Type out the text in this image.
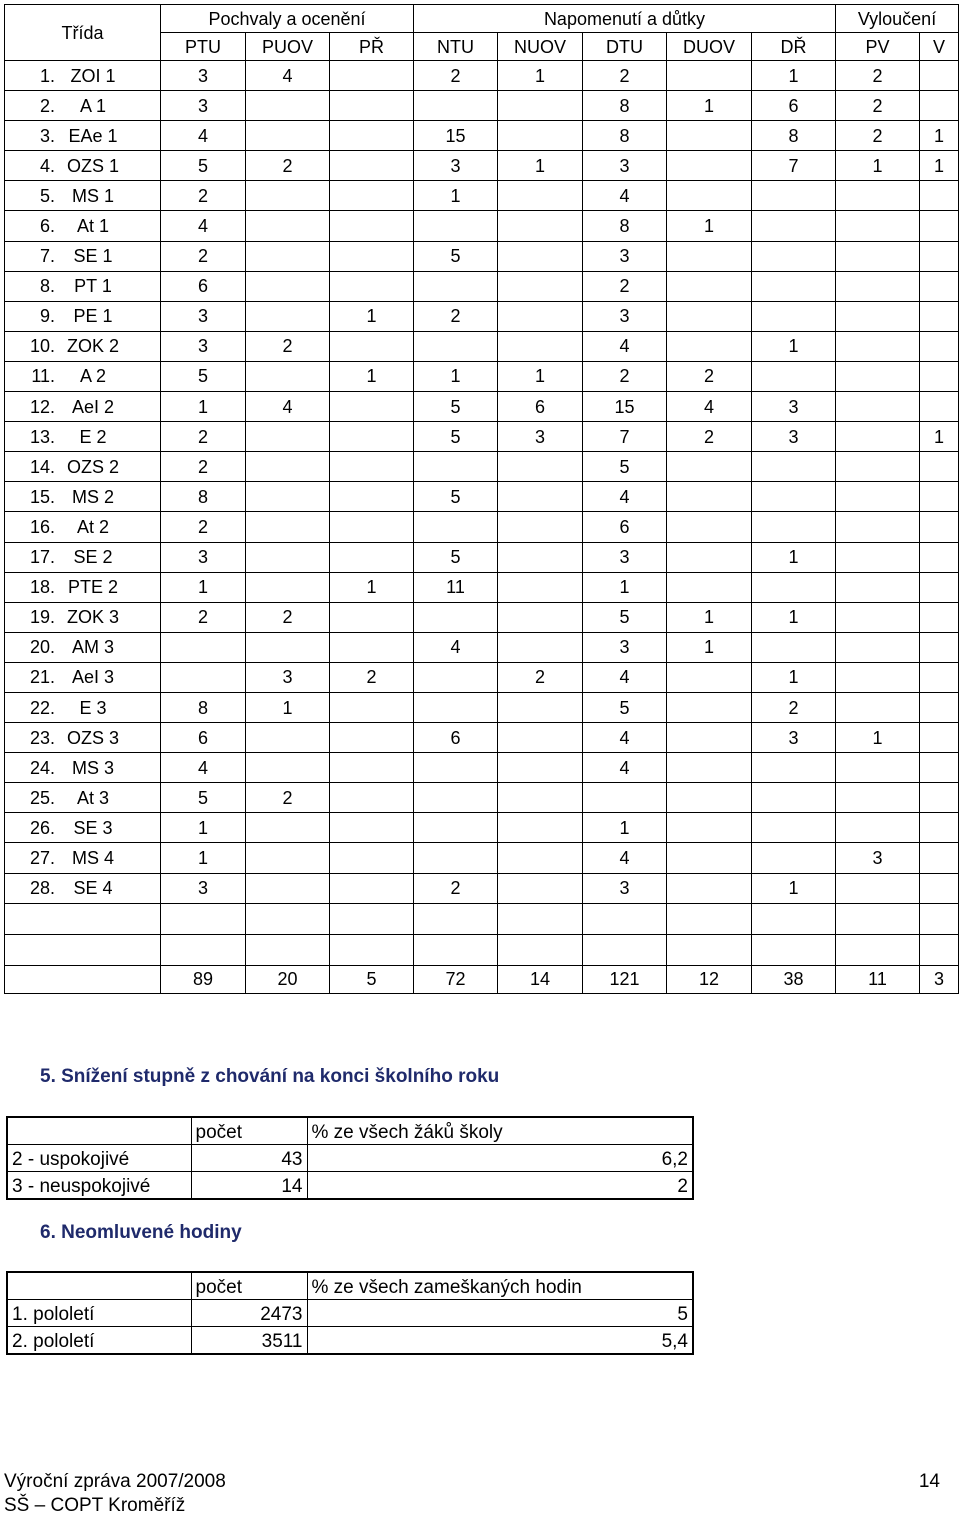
Třída	Pochvaly a ocenění			Napomenutí a důtky					Vyloučení	
	PTU	PUOV	PŘ	NTU	NUOV	DTU	DUOV	DŘ	PV	V
1. ZOI 1	3	4		2	1	2		1	2	
2. A 1	3					8	1	6	2	
3. EAe 1	4			15		8		8	2	1
4. OZS 1	5	2		3	1	3		7	1	1
5. MS 1	2			1		4				
6. At 1	4					8	1			
7. SE 1	2			5		3				
8. PT 1	6					2				
9. PE 1	3		1	2		3				
10. ZOK 2	3	2				4		1		
11. A 2	5		1	1	1	2	2			
12. AeI 2	1	4		5	6	15	4	3		
13. E 2	2			5	3	7	2	3		1
14. OZS 2	2					5				
15. MS 2	8			5		4				
16. At 2	2					6				
17. SE 2	3			5		3		1		
18. PTE 2	1		1	11		1				
19. ZOK 3	2	2				5	1	1		
20. AM 3				4		3	1			
21. AeI 3		3	2		2	4		1		
22. E 3	8	1				5		2		
23. OZS 3	6			6		4		3	1	
24. MS 3	4					4				
25. At 3	5	2								
26. SE 3	1					1				
27. MS 4	1					4			3	
28. SE 4	3			2		3		1		

	89	20	5	72	14	121	12	38	11	3
5. Snížení stupně z chování na konci školního roku
	počet	% ze všech žáků školy
2 - uspokojivé	43	6,2
3 - neuspokojivé	14	2
6. Neomluvené hodiny
	počet	% ze všech zameškaných hodin
1. pololetí	2473	5
2. pololetí	3511	5,4
Výroční zpráva 2007/2008
SŠ – COPT Kroměříž
14
